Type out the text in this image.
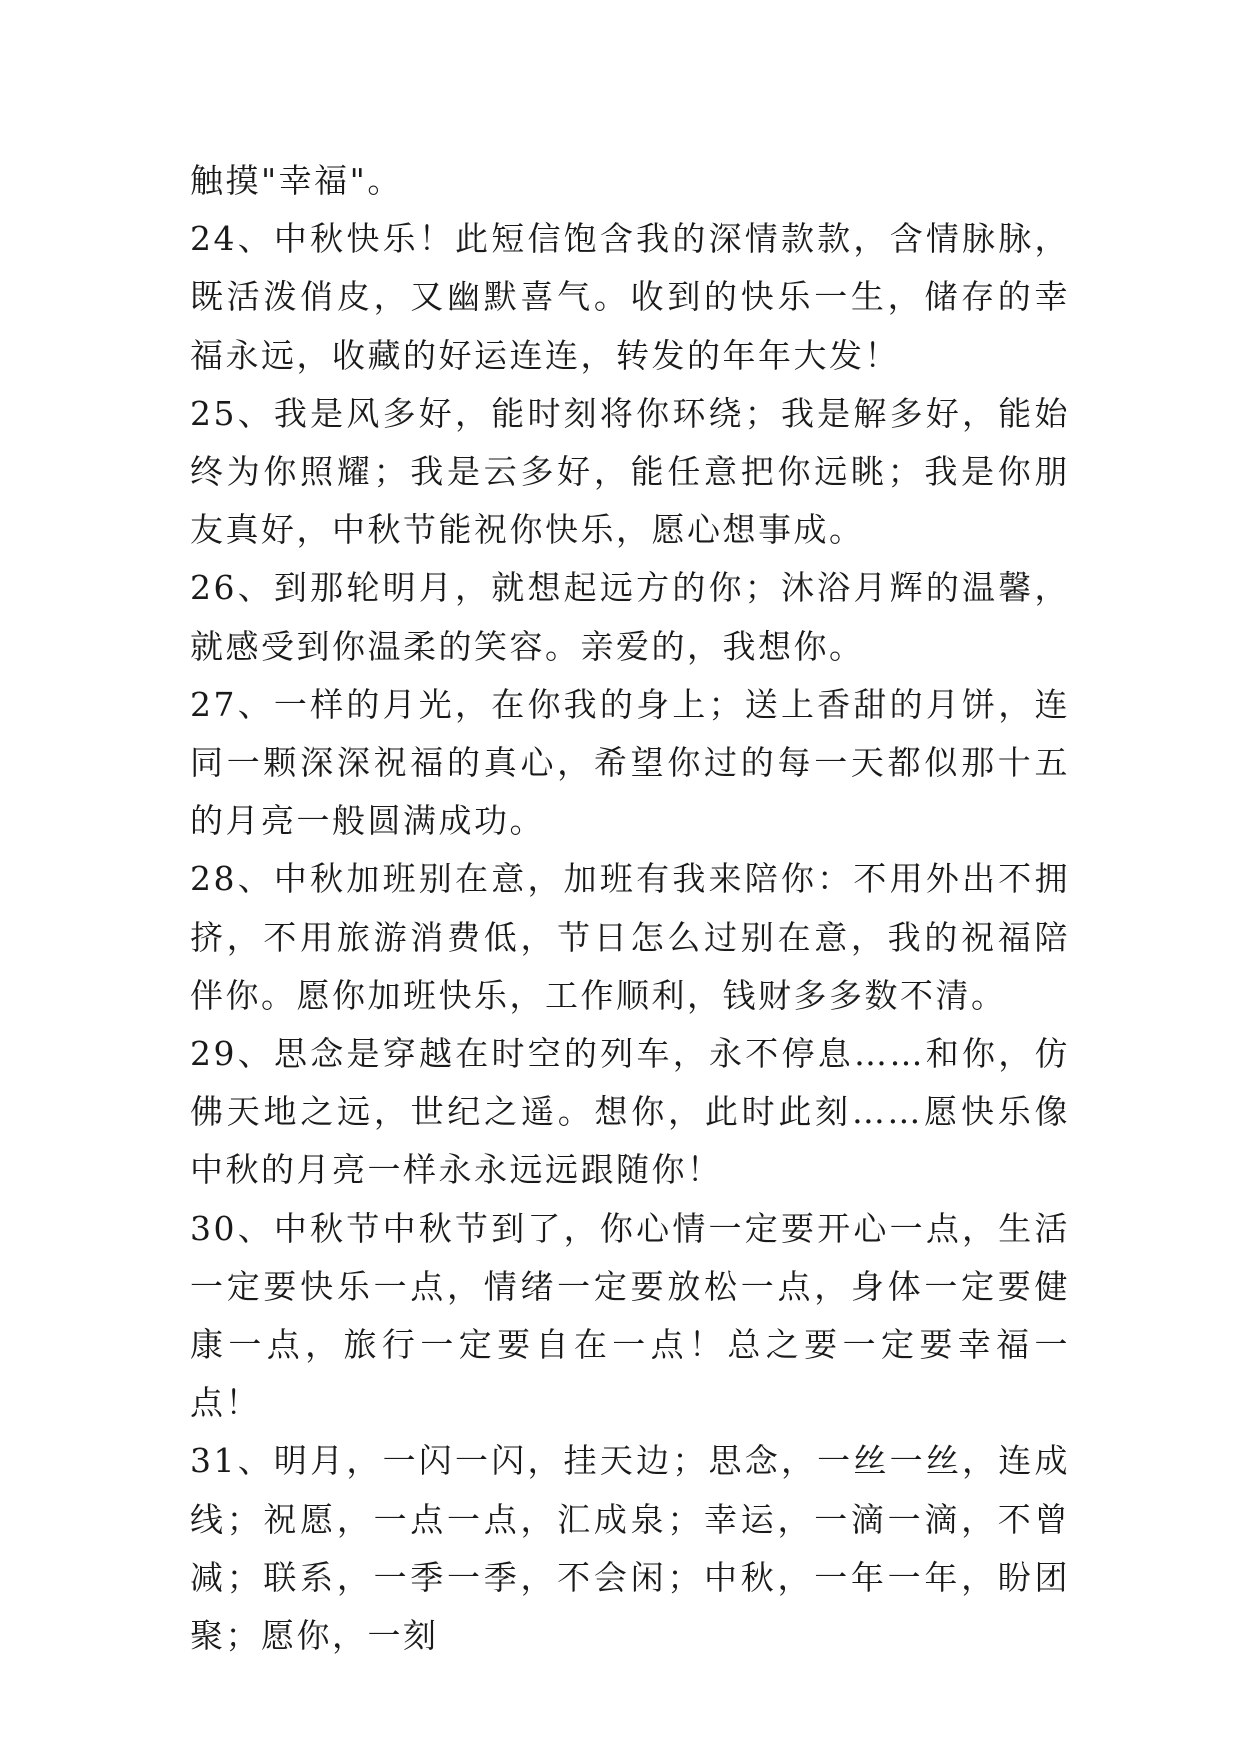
触摸"幸福"。

24、中秋快乐！此短信饱含我的深情款款，含情脉脉，既活泼俏皮，又幽默喜气。收到的快乐一生，储存的幸福永远，收藏的好运连连，转发的年年大发！

25、我是风多好，能时刻将你环绕；我是解多好，能始终为你照耀；我是云多好，能任意把你远眺；我是你朋友真好，中秋节能祝你快乐，愿心想事成。

26、到那轮明月，就想起远方的你；沐浴月辉的温馨，就感受到你温柔的笑容。亲爱的，我想你。

27、一样的月光，在你我的身上；送上香甜的月饼，连同一颗深深祝福的真心，希望你过的每一天都似那十五的月亮一般圆满成功。

28、中秋加班别在意，加班有我来陪你：不用外出不拥挤，不用旅游消费低，节日怎么过别在意，我的祝福陪伴你。愿你加班快乐，工作顺利，钱财多多数不清。

29、思念是穿越在时空的列车，永不停息……和你，仿佛天地之远，世纪之遥。想你，此时此刻……愿快乐像中秋的月亮一样永永远远跟随你！

30、中秋节中秋节到了，你心情一定要开心一点，生活一定要快乐一点，情绪一定要放松一点，身体一定要健康一点，旅行一定要自在一点！总之要一定要幸福一点！

31、明月，一闪一闪，挂天边；思念，一丝一丝，连成线；祝愿，一点一点，汇成泉；幸运，一滴一滴，不曾减；联系，一季一季，不会闲；中秋，一年一年，盼团聚；愿你，一刻
